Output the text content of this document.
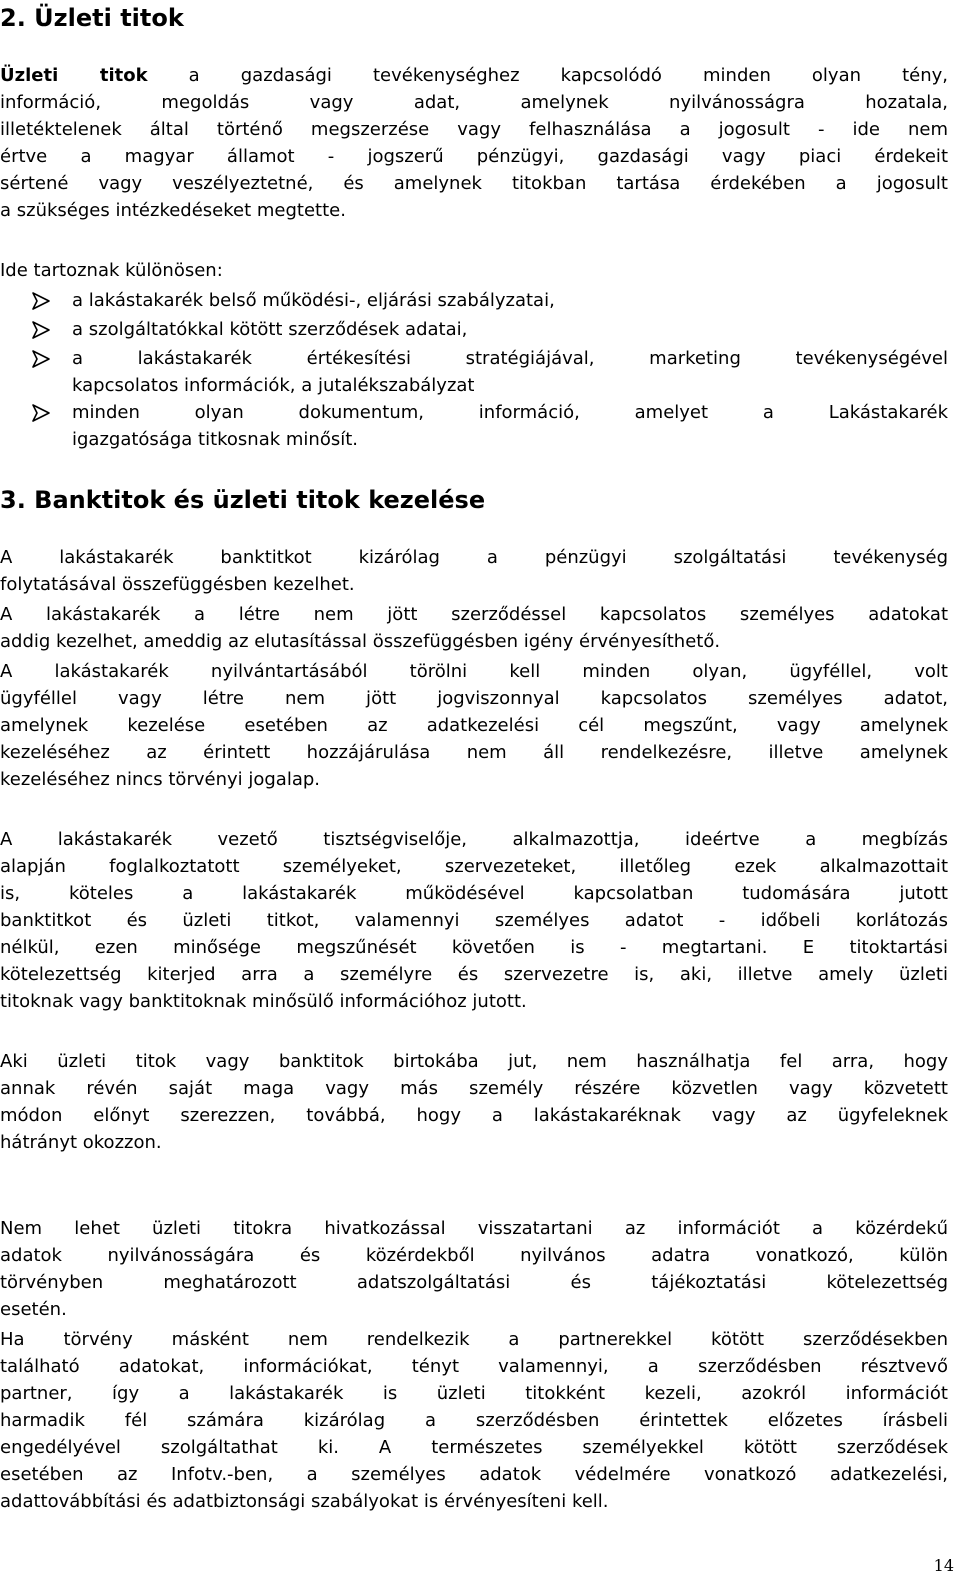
2. Üzleti titok
Üzleti titok a gazdasági tevékenységhez kapcsolódó minden olyan tény,
információ, megoldás vagy adat, amelynek nyilvánosságra hozatala,
illetéktelenek által történő megszerzése vagy felhasználása a jogosult - ide nem
értve a magyar államot - jogszerű pénzügyi, gazdasági vagy piaci érdekeit
sértené vagy veszélyeztetné, és amelynek titokban tartása érdekében a jogosult
a szükséges intézkedéseket megtette.
Ide tartoznak különösen:
a lakástakarék belső működési-, eljárási szabályzatai,
a szolgáltatókkal kötött szerződések adatai,
a lakástakarék értékesítési stratégiájával, marketing tevékenységével
kapcsolatos információk, a jutalékszabályzat
minden olyan dokumentum, információ, amelyet a Lakástakarék
igazgatósága titkosnak minősít.
3. Banktitok és üzleti titok kezelése
A lakástakarék banktitkot kizárólag a pénzügyi szolgáltatási tevékenység
folytatásával összefüggésben kezelhet.
A lakástakarék a létre nem jött szerződéssel kapcsolatos személyes adatokat
addig kezelhet, ameddig az elutasítással összefüggésben igény érvényesíthető.
A lakástakarék nyilvántartásából törölni kell minden olyan, ügyféllel, volt
ügyféllel vagy létre nem jött jogviszonnyal kapcsolatos személyes adatot,
amelynek kezelése esetében az adatkezelési cél megszűnt, vagy amelynek
kezeléséhez az érintett hozzájárulása nem áll rendelkezésre, illetve amelynek
kezeléséhez nincs törvényi jogalap.
A lakástakarék vezető tisztségviselője, alkalmazottja, ideértve a megbízás
alapján foglalkoztatott személyeket, szervezeteket, illetőleg ezek alkalmazottait
is, köteles a lakástakarék működésével kapcsolatban tudomására jutott
banktitkot és üzleti titkot, valamennyi személyes adatot - időbeli korlátozás
nélkül, ezen minősége megszűnését követően is - megtartani. E titoktartási
kötelezettség kiterjed arra a személyre és szervezetre is, aki, illetve amely üzleti
titoknak vagy banktitoknak minősülő információhoz jutott.
Aki üzleti titok vagy banktitok birtokába jut, nem használhatja fel arra, hogy
annak révén saját maga vagy más személy részére közvetlen vagy közvetett
módon előnyt szerezzen, továbbá, hogy a lakástakaréknak vagy az ügyfeleknek
hátrányt okozzon.
Nem lehet üzleti titokra hivatkozással visszatartani az információt a közérdekű
adatok nyilvánosságára és közérdekből nyilvános adatra vonatkozó, külön
törvényben meghatározott adatszolgáltatási és tájékoztatási kötelezettség
esetén.
Ha törvény másként nem rendelkezik a partnerekkel kötött szerződésekben
található adatokat, információkat, tényt valamennyi, a szerződésben résztvevő
partner, így a lakástakarék is üzleti titokként kezeli, azokról információt
harmadik fél számára kizárólag a szerződésben érintettek előzetes írásbeli
engedélyével szolgáltathat ki. A természetes személyekkel kötött szerződések
esetében az Infotv.-ben, a személyes adatok védelmére vonatkozó adatkezelési,
adattovábbítási és adatbiztonsági szabályokat is érvényesíteni kell.
14
